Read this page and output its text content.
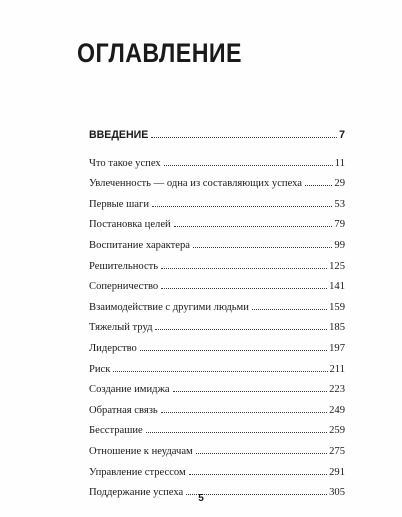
ОГЛАВЛЕНИЕ
ВВЕДЕНИЕ	7
Что такое успех	11
Увлеченность — одна из составляющих успеха	29
Первые шаги	53
Постановка целей	79
Воспитание характера	99
Решительность	125
Соперничество	141
Взаимодействие с другими людьми	159
Тяжелый труд	185
Лидерство	197
Риск	211
Создание имиджа	223
Обратная связь	249
Бесстрашие	259
Отношение к неудачам	275
Управление стрессом	291
Поддержание успеха	305
5
